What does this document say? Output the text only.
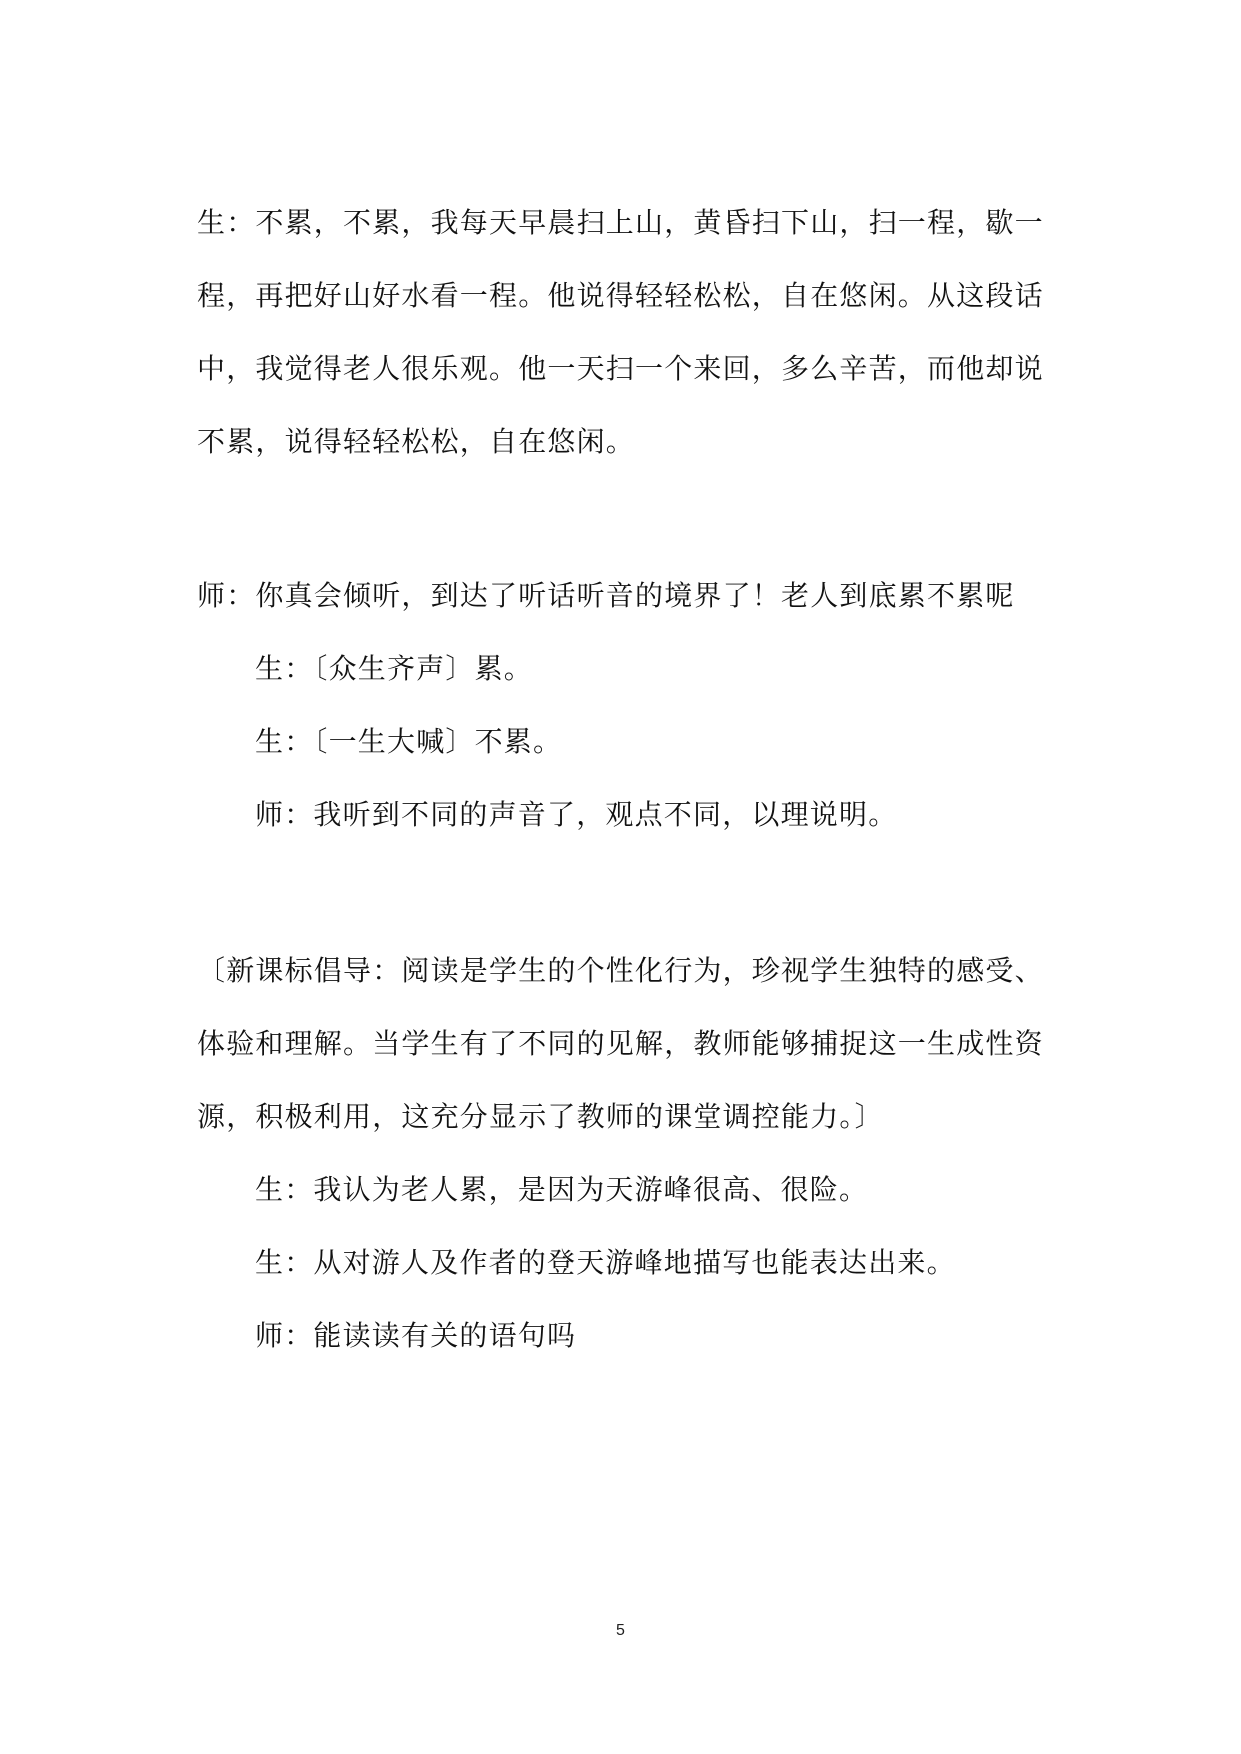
生：不累，不累，我每天早晨扫上山，黄昏扫下山，扫一程，歇一
程，再把好山好水看一程。他说得轻轻松松，自在悠闲。从这段话
中，我觉得老人很乐观。他一天扫一个来回，多么辛苦，而他却说
不累，说得轻轻松松，自在悠闲。
师：你真会倾听，到达了听话听音的境界了！老人到底累不累呢
生：〔众生齐声〕累。
生：〔一生大喊〕不累。
师：我听到不同的声音了，观点不同，以理说明。
〔新课标倡导：阅读是学生的个性化行为，珍视学生独特的感受、
体验和理解。当学生有了不同的见解，教师能够捕捉这一生成性资
源，积极利用，这充分显示了教师的课堂调控能力。〕
生：我认为老人累，是因为天游峰很高、很险。
生：从对游人及作者的登天游峰地描写也能表达出来。
师：能读读有关的语句吗
5
